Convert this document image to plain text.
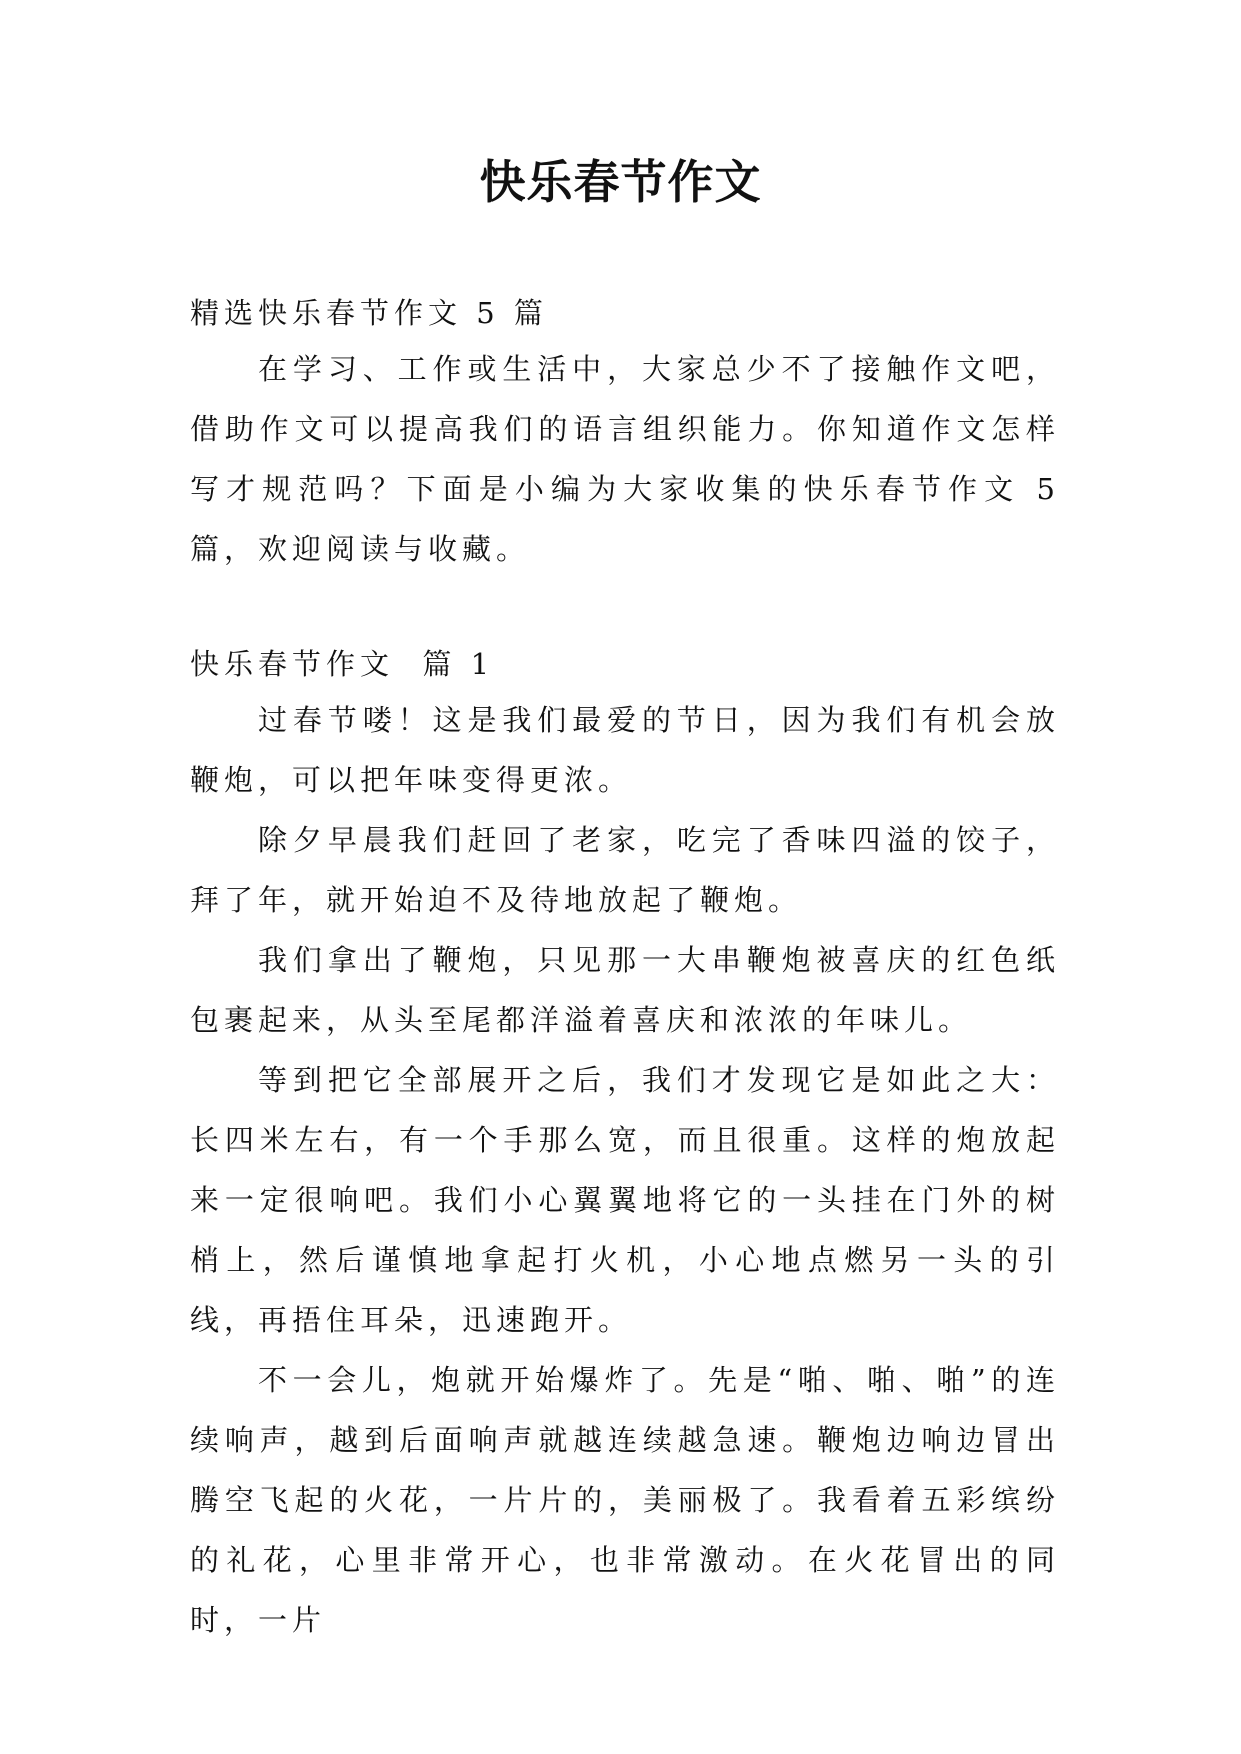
快乐春节作文
精选快乐春节作文 5 篇

在学习、工作或生活中，大家总少不了接触作文吧，借助作文可以提高我们的语言组织能力。你知道作文怎样写才规范吗？下面是小编为大家收集的快乐春节作文 5 篇，欢迎阅读与收藏。

快乐春节作文  篇 1

过春节喽！这是我们最爱的节日，因为我们有机会放鞭炮，可以把年味变得更浓。

除夕早晨我们赶回了老家，吃完了香味四溢的饺子，拜了年，就开始迫不及待地放起了鞭炮。

我们拿出了鞭炮，只见那一大串鞭炮被喜庆的红色纸包裹起来，从头至尾都洋溢着喜庆和浓浓的年味儿。

等到把它全部展开之后，我们才发现它是如此之大：长四米左右，有一个手那么宽，而且很重。这样的炮放起来一定很响吧。我们小心翼翼地将它的一头挂在门外的树梢上，然后谨慎地拿起打火机，小心地点燃另一头的引线，再捂住耳朵，迅速跑开。

不一会儿，炮就开始爆炸了。先是“啪、啪、啪”的连续响声，越到后面响声就越连续越急速。鞭炮边响边冒出腾空飞起的火花，一片片的，美丽极了。我看着五彩缤纷的礼花，心里非常开心，也非常激动。在火花冒出的同时，一片
